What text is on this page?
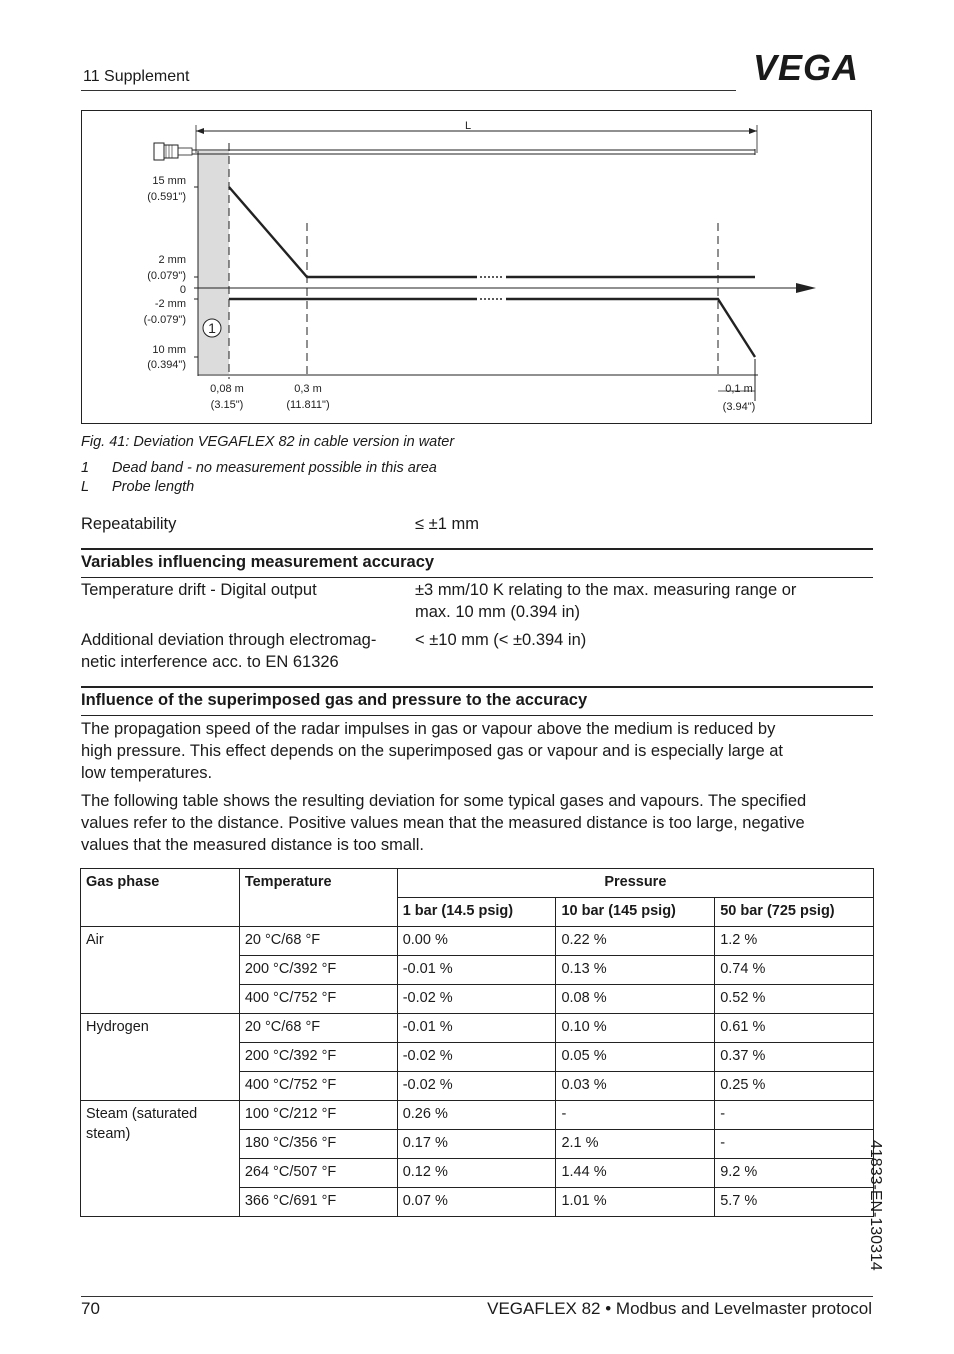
11 Supplement	VEGA
L
1
15 mm
(0.591")
2 mm
(0.079")
0
-2 mm
(-0.079")
10 mm
(0.394")
0,08 m
(3.15")
0,3 m
(11.811")
0,1 m
(3.94")
Fig. 41: Deviation VEGAFLEX 82 in cable version in water
1 Dead band - no measurement possible in this area
L Probe length
Repeatability	≤ ±1 mm
Variables influencing measurement accuracy
Temperature drift - Digital output	±3 mm/10 K relating to the max. measuring range or
max. 10 mm (0.394 in)
Additional deviation through electromag-
netic interference acc. to EN 61326
< ±10 mm (< ±0.394 in)
Influence of the superimposed gas and pressure to the accuracy
The propagation speed of the radar impulses in gas or vapour above the medium is reduced by
high pressure. This effect depends on the superimposed gas or vapour and is especially large at
low temperatures.
The following table shows the resulting deviation for some typical gases and vapours. The specified
values refer to the distance. Positive values mean that the measured distance is too large, negative
values that the measured distance is too small.
Gas phase	Temperature	Pressure		
		1 bar (14.5 psig)	10 bar (145 psig)	50 bar (725 psig)
Air	20 °C/68 °F	0.00 %	0.22 %	1.2 %
	200 °C/392 °F	-0.01 %	0.13 %	0.74 %
	400 °C/752 °F	-0.02 %	0.08 %	0.52 %
Hydrogen	20 °C/68 °F	-0.01 %	0.10 %	0.61 %
	200 °C/392 °F	-0.02 %	0.05 %	0.37 %
	400 °C/752 °F	-0.02 %	0.03 %	0.25 %
Steam (saturated
steam)	100 °C/212 °F	0.26 %	-	-
	180 °C/356 °F	0.17 %	2.1 %	-
	264 °C/507 °F	0.12 %	1.44 %	9.2 %
	366 °C/691 °F	0.07 %	1.01 %	5.7 %	41833-EN-130314
70	VEGAFLEX 82 • Modbus and Levelmaster protocol
